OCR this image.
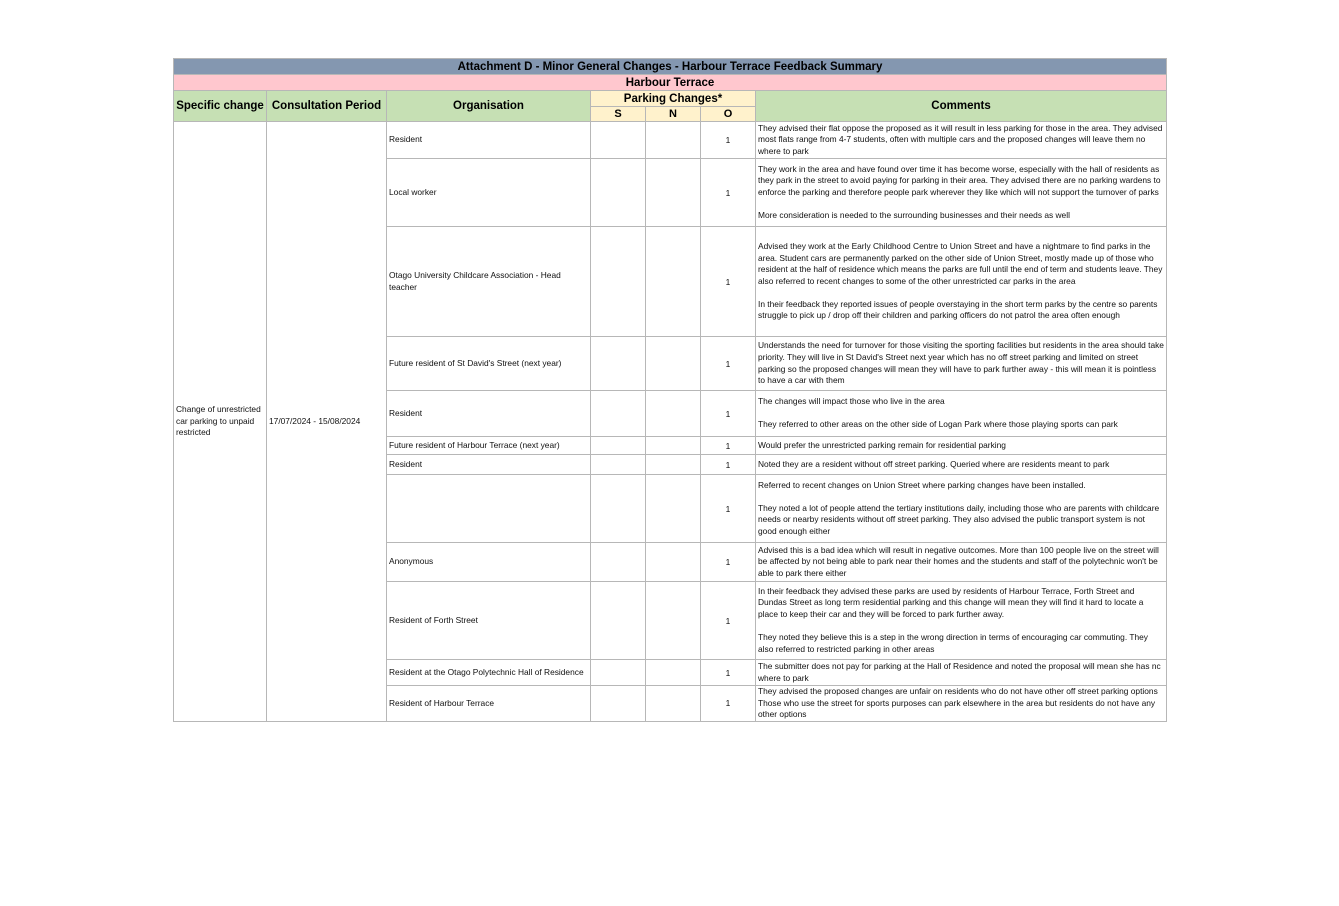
Attachment D - Minor General Changes - Harbour Terrace Feedback Summary						
Harbour Terrace						
Specific change	Consultation Period	Organisation	Parking Changes*			Comments
			S	N	O	
Change of unrestricted car parking to unpaid restricted	17/07/2024 - 15/08/2024	Resident			1	They advised their flat oppose the proposed as it will result in less parking for those in the area. They advised most flats range from 4-7 students, often with multiple cars and the proposed changes will leave them no where to park
		Local worker			1	They work in the area and have found over time it has become worse, especially with the hall of residents as they park in the street to avoid paying for parking in their area. They advised there are no parking wardens to enforce the parking and therefore people park wherever they like which will not support the turnover of parks

More consideration is needed to the surrounding businesses and their needs as well
		Otago University Childcare Association - Head teacher			1	Advised they work at the Early Childhood Centre to Union Street and have a nightmare to find parks in the area. Student cars are permanently parked on the other side of Union Street, mostly made up of those who resident at the half of residence which means the parks are full until the end of term and students leave. They also referred to recent changes to some of the other unrestricted car parks in the area

In their feedback they reported issues of people overstaying in the short term parks by the centre so parents struggle to pick up / drop off their children and parking officers do not patrol the area often enough
		Future resident of St David's Street (next year)			1	Understands the need for turnover for those visiting the sporting facilities but residents in the area should take priority. They will live in St David's Street next year which has no off street parking and limited on street parking so the proposed changes will mean they will have to park further away - this will mean it is pointless to have a car with them
		Resident			1	The changes will impact those who live in the area

They referred to other areas on the other side of Logan Park where those playing sports can park
		Future resident of Harbour Terrace (next year)			1	Would prefer the unrestricted parking remain for residential parking
		Resident			1	Noted they are a resident without off street parking. Queried where are residents meant to park
					1	Referred to recent changes on Union Street where parking changes have been installed.

They noted a lot of people attend the tertiary institutions daily, including those who are parents with childcare needs or nearby residents without off street parking. They also advised the public transport system is not good enough either
		Anonymous			1	Advised this is a bad idea which will result in negative outcomes. More than 100 people live on the street will be affected by not being able to park near their homes and the students and staff of the polytechnic won't be able to park there either
		Resident of Forth Street			1	In their feedback they advised these parks are used by residents of Harbour Terrace, Forth Street and Dundas Street as long term residential parking and this change will mean they will find it hard to locate a place to keep their car and they will be forced to park further away.

They noted they believe this is a step in the wrong direction in terms of encouraging car commuting. They also referred to restricted parking in other areas
		Resident at the Otago Polytechnic Hall of Residence			1	The submitter does not pay for parking at the Hall of Residence and noted the proposal will mean she has nc where to park
		Resident of Harbour Terrace			1	They advised the proposed changes are unfair on residents who do not have other off street parking options Those who use the street for sports purposes can park elsewhere in the area but residents do not have any other options
